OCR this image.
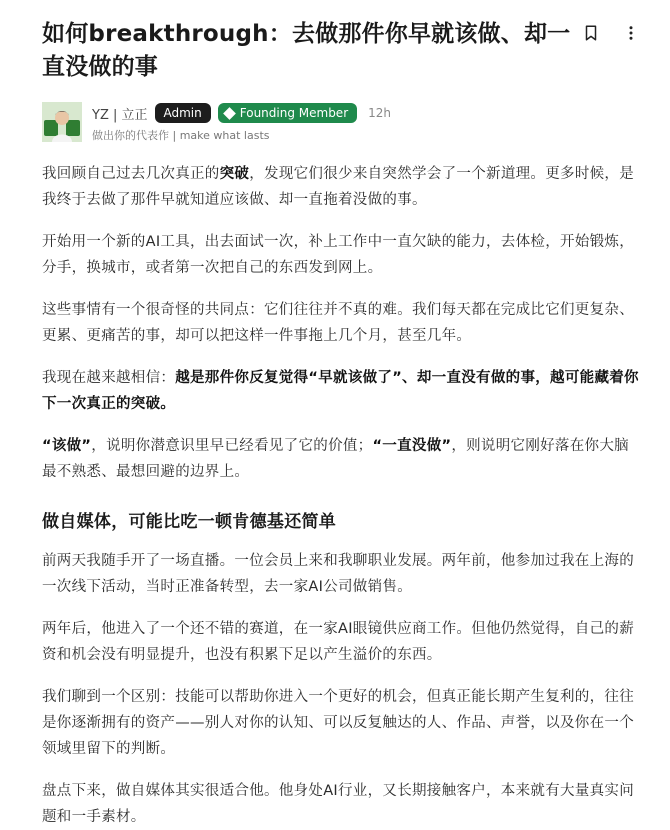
如何breakthrough：去做那件你早就该做、却一直没做的事
YZ | 立正	Admin	Founding Member 12h
做出你的代表作 | make what lasts

我回顾自己过去几次真正的突破，发现它们很少来自突然学会了一个新道理。更多时候，是我终于去做了那件早就知道应该做、却一直拖着没做的事。

开始用一个新的AI工具，出去面试一次，补上工作中一直欠缺的能力，去体检，开始锻炼，分手，换城市，或者第一次把自己的东西发到网上。

这些事情有一个很奇怪的共同点：它们往往并不真的难。我们每天都在完成比它们更复杂、更累、更痛苦的事，却可以把这样一件事拖上几个月，甚至几年。

我现在越来越相信：越是那件你反复觉得“早就该做了”、却一直没有做的事，越可能藏着你下一次真正的突破。

“该做”，说明你潜意识里早已经看见了它的价值；“一直没做”，则说明它刚好落在你大脑最不熟悉、最想回避的边界上。

做自媒体，可能比吃一顿肯德基还简单

前两天我随手开了一场直播。一位会员上来和我聊职业发展。两年前，他参加过我在上海的一次线下活动，当时正准备转型，去一家AI公司做销售。

两年后，他进入了一个还不错的赛道，在一家AI眼镜供应商工作。但他仍然觉得，自己的薪资和机会没有明显提升，也没有积累下足以产生溢价的东西。

我们聊到一个区别：技能可以帮助你进入一个更好的机会，但真正能长期产生复利的，往往是你逐渐拥有的资产——别人对你的认知、可以反复触达的人、作品、声誉，以及你在一个领域里留下的判断。

盘点下来，做自媒体其实很适合他。他身处AI行业，又长期接触客户，本来就有大量真实问题和一手素材。
